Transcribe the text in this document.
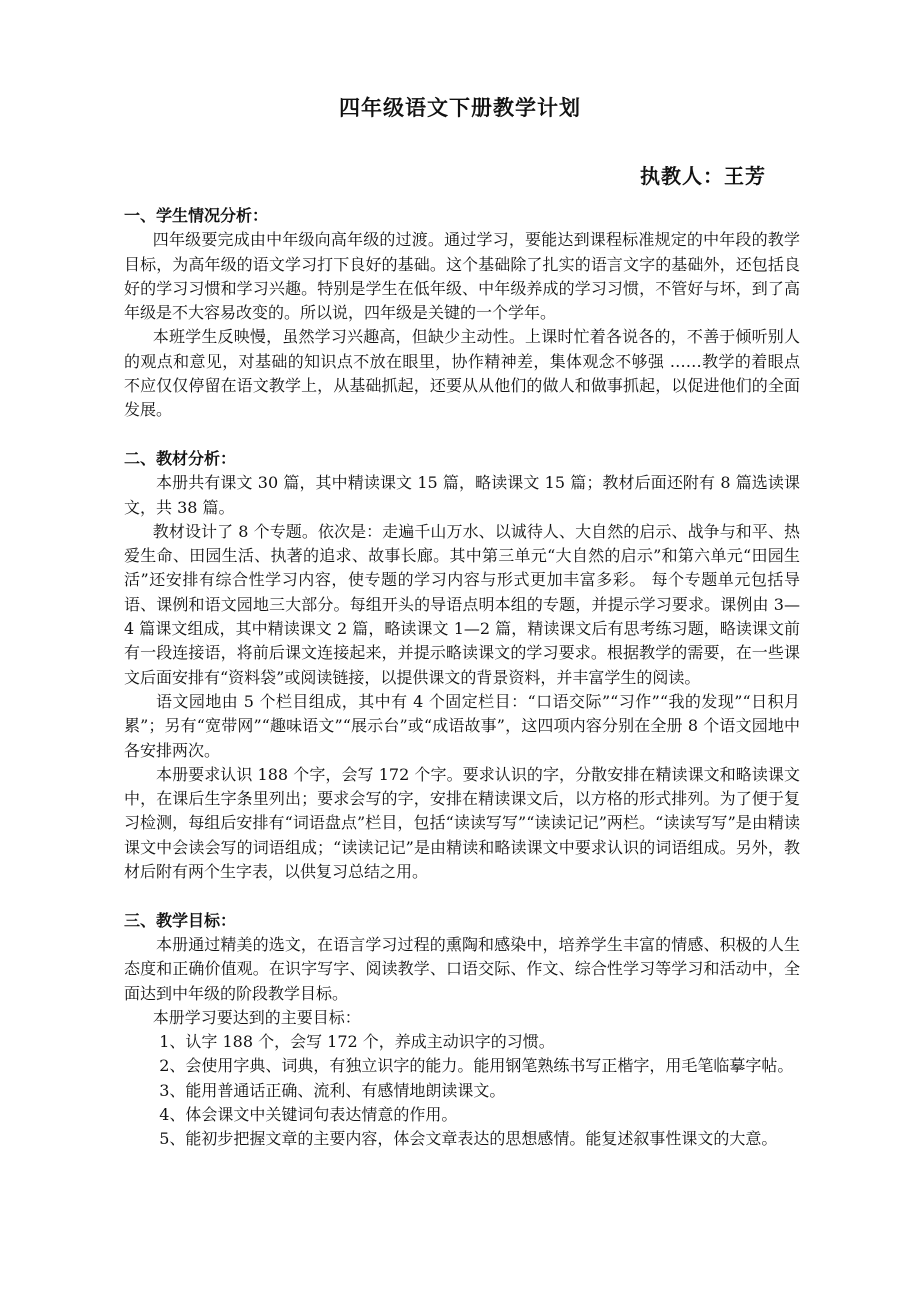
四年级语文下册教学计划

执教人：王芳

一、学生情况分析：

四年级要完成由中年级向高年级的过渡。通过学习，要能达到课程标准规定的中年段的教学目标，为高年级的语文学习打下良好的基础。这个基础除了扎实的语言文字的基础外，还包括良好的学习习惯和学习兴趣。特别是学生在低年级、中年级养成的学习习惯，不管好与坏，到了高年级是不大容易改变的。所以说，四年级是关键的一个学年。

本班学生反映慢，虽然学习兴趣高，但缺少主动性。上课时忙着各说各的，不善于倾听别人的观点和意见，对基础的知识点不放在眼里，协作精神差，集体观念不够强 ……教学的着眼点不应仅仅停留在语文教学上，从基础抓起，还要从从他们的做人和做事抓起，以促进他们的全面发展。

二、教材分析：

本册共有课文 30 篇，其中精读课文 15 篇，略读课文 15 篇；教材后面还附有 8 篇选读课文，共 38 篇。

教材设计了 8 个专题。依次是：走遍千山万水、以诚待人、大自然的启示、战争与和平、热爱生命、田园生活、执著的追求、故事长廊。其中第三单元“大自然的启示”和第六单元“田园生活”还安排有综合性学习内容，使专题的学习内容与形式更加丰富多彩。 每个专题单元包括导语、课例和语文园地三大部分。每组开头的导语点明本组的专题，并提示学习要求。课例由 3—4 篇课文组成，其中精读课文 2 篇，略读课文 1—2 篇，精读课文后有思考练习题，略读课文前有一段连接语，将前后课文连接起来，并提示略读课文的学习要求。根据教学的需要，在一些课文后面安排有“资料袋”或阅读链接，以提供课文的背景资料，并丰富学生的阅读。

语文园地由 5 个栏目组成，其中有 4 个固定栏目：“口语交际”“习作”“我的发现”“日积月累”；另有“宽带网”“趣味语文”“展示台”或“成语故事”，这四项内容分别在全册 8 个语文园地中各安排两次。

本册要求认识 188 个字，会写 172 个字。要求认识的字，分散安排在精读课文和略读课文中，在课后生字条里列出；要求会写的字，安排在精读课文后，以方格的形式排列。为了便于复习检测，每组后安排有“词语盘点”栏目，包括“读读写写”“读读记记”两栏。“读读写写”是由精读课文中会读会写的词语组成；“读读记记”是由精读和略读课文中要求认识的词语组成。另外，教材后附有两个生字表，以供复习总结之用。

三、教学目标：

本册通过精美的选文，在语言学习过程的熏陶和感染中，培养学生丰富的情感、积极的人生态度和正确价值观。在识字写字、阅读教学、口语交际、作文、综合性学习等学习和活动中，全面达到中年级的阶段教学目标。

本册学习要达到的主要目标：

1、认字 188 个，会写 172 个，养成主动识字的习惯。

2、会使用字典、词典，有独立识字的能力。能用钢笔熟练书写正楷字，用毛笔临摹字帖。

3、能用普通话正确、流利、有感情地朗读课文。

4、体会课文中关键词句表达情意的作用。

5、能初步把握文章的主要内容，体会文章表达的思想感情。能复述叙事性课文的大意。
